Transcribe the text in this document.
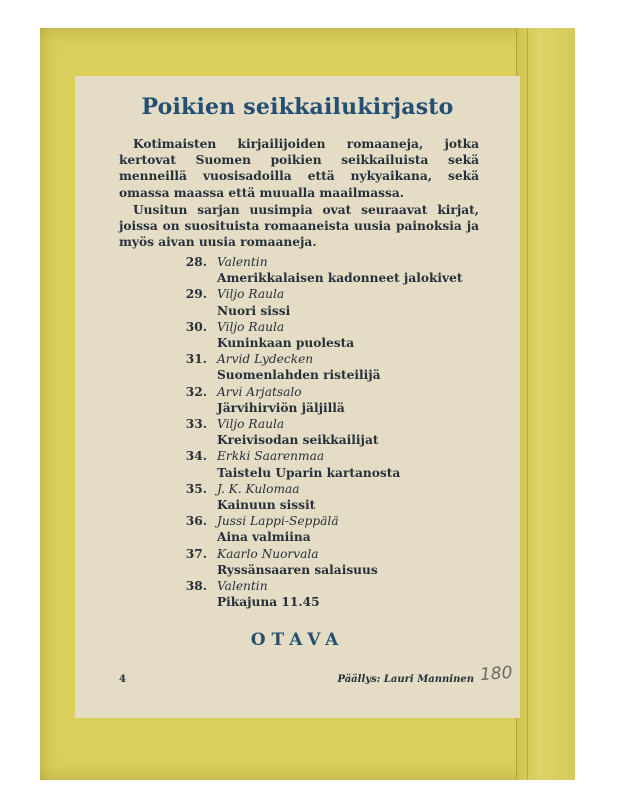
Poikien seikkailukirjasto

Kotimaisten kirjailijoiden romaaneja, jotka kertovat Suomen poikien seikkailuista sekä menneillä vuosisadoilla että nykyaikana, sekä omassa maassa että muualla maailmassa.

Uusitun sarjan uusimpia ovat seuraavat kirjat, joissa on suosituista romaaneista uusia painoksia ja myös aivan uusia romaaneja.

28. Valentin
Amerikkalaisen kadonneet jalokivet
29. Viljo Raula
Nuori sissi
30. Viljo Raula
Kuninkaan puolesta
31. Arvid Lydecken
Suomenlahden risteilijä
32. Arvi Arjatsalo
Järvihirviön jäljillä
33. Viljo Raula
Kreivisodan seikkailijat
34. Erkki Saarenmaa
Taistelu Uparin kartanosta
35. J. K. Kulomaa
Kainuun sissit
36. Jussi Lappi-Seppälä
Aina valmiina
37. Kaarlo Nuorvala
Ryssänsaaren salaisuus
38. Valentin
Pikajuna 11.45
OTAVA
4	Päällys: Lauri Manninen 180
